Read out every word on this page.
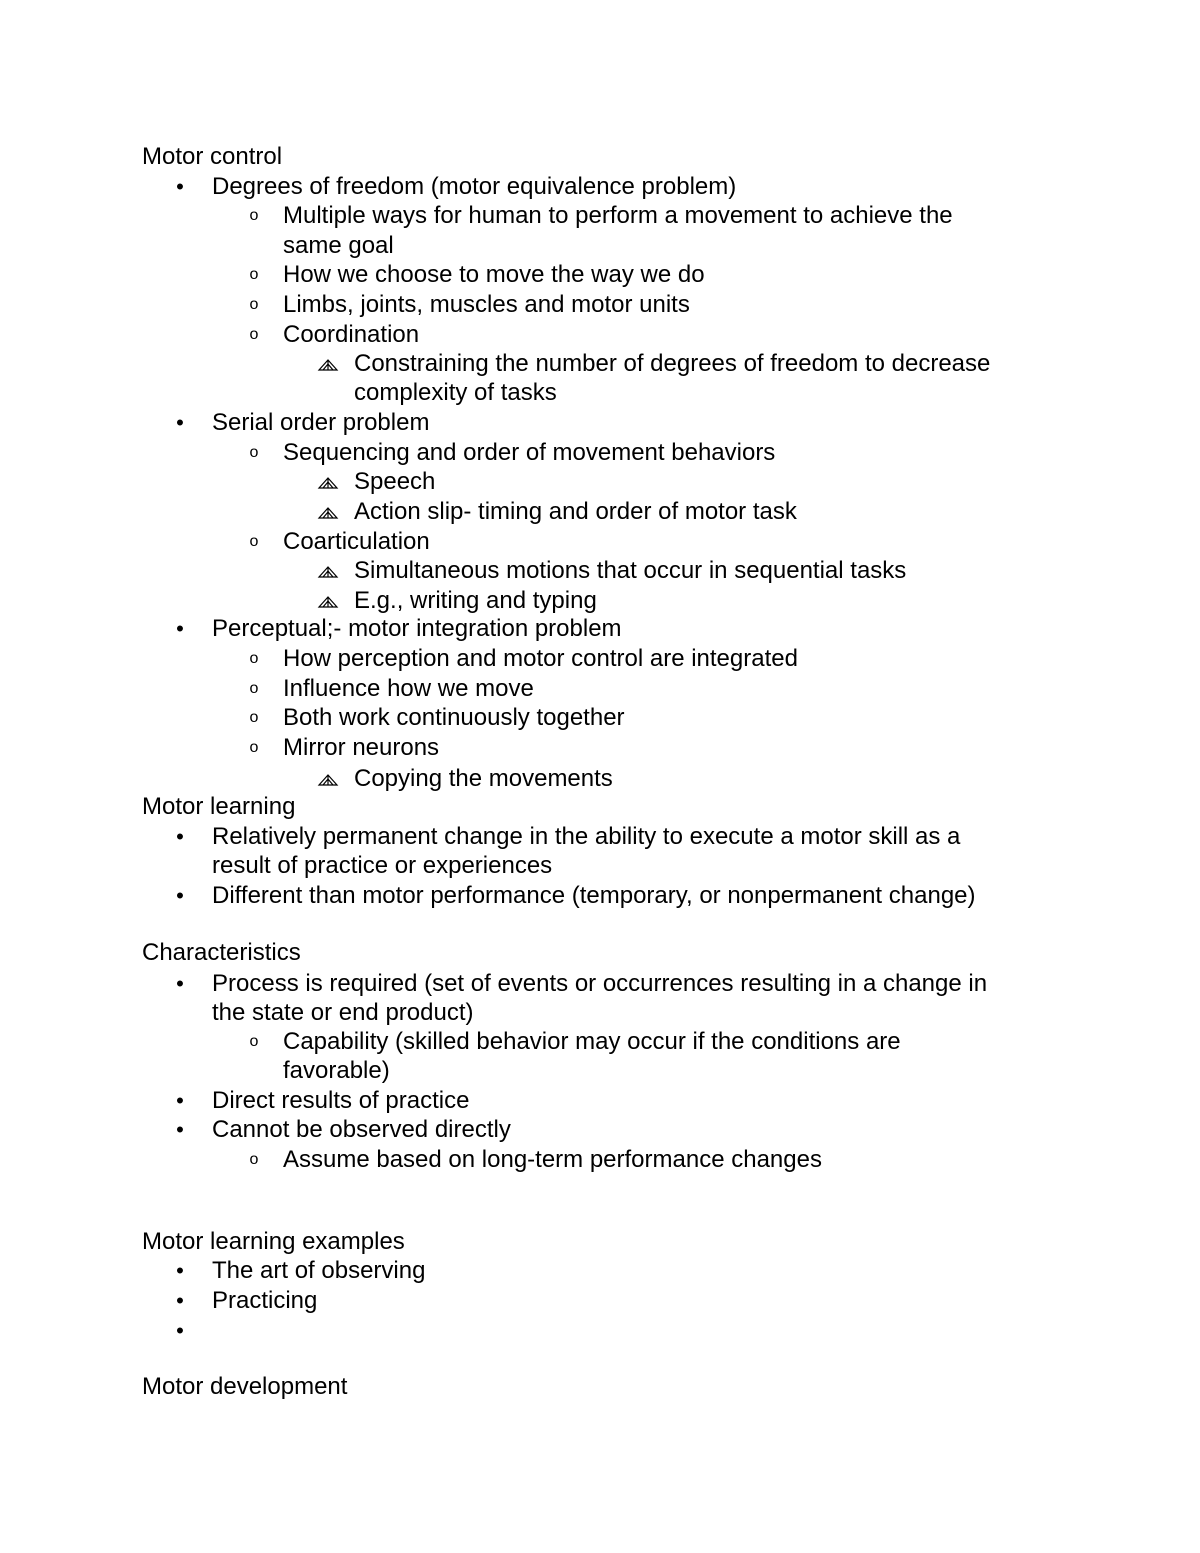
Motor control
• Degrees of freedom (motor equivalence problem)
o Multiple ways for human to perform a movement to achieve the
same goal
o How we choose to move the way we do
o Limbs, joints, muscles and motor units
o Coordination
Constraining the number of degrees of freedom to decrease
complexity of tasks
• Serial order problem
o Sequencing and order of movement behaviors
Speech
Action slip- timing and order of motor task
o Coarticulation
Simultaneous motions that occur in sequential tasks
E.g., writing and typing
• Perceptual;- motor integration problem
o How perception and motor control are integrated
o Influence how we move
o Both work continuously together
o Mirror neurons
Copying the movements
Motor learning
• Relatively permanent change in the ability to execute a motor skill as a
result of practice or experiences
• Different than motor performance (temporary, or nonpermanent change)
Characteristics
• Process is required (set of events or occurrences resulting in a change in
the state or end product)
o Capability (skilled behavior may occur if the conditions are
favorable)
• Direct results of practice
• Cannot be observed directly
o Assume based on long-term performance changes
Motor learning examples
• The art of observing
• Practicing
•
Motor development
